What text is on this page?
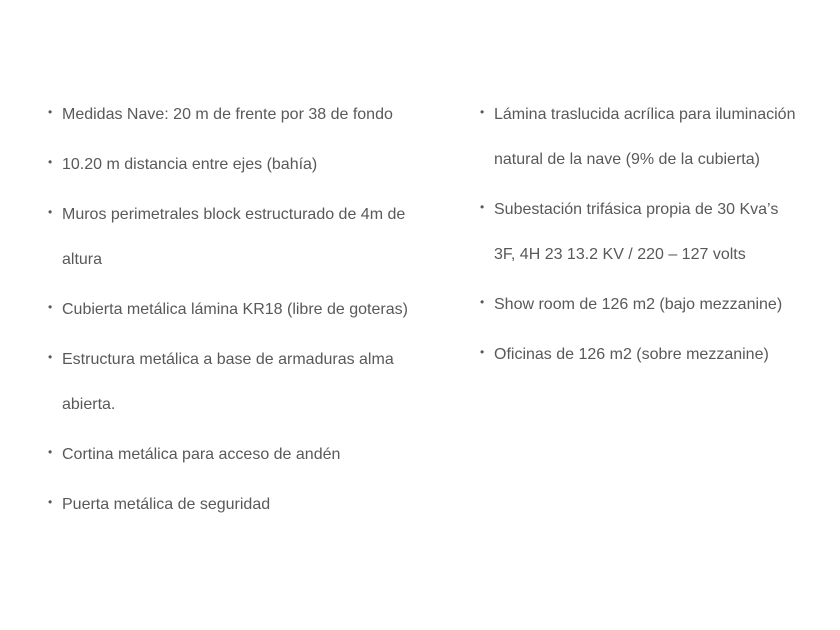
• Medidas Nave: 20 m de frente por 38 de fondo
• 10.20 m distancia entre ejes (bahía)
• Muros perimetrales block estructurado de 4m de altura
• Cubierta metálica lámina KR18 (libre de goteras)
• Estructura metálica a base de armaduras alma abierta.
• Cortina metálica para acceso de andén
• Puerta metálica de seguridad
• Lámina traslucida acrílica para iluminación natural de la nave (9% de la cubierta)
• Subestación trifásica propia de 30 Kva’s 3F, 4H 23 13.2 KV / 220 – 127 volts
• Show room de 126 m2 (bajo mezzanine)
• Oficinas de 126 m2 (sobre mezzanine)
